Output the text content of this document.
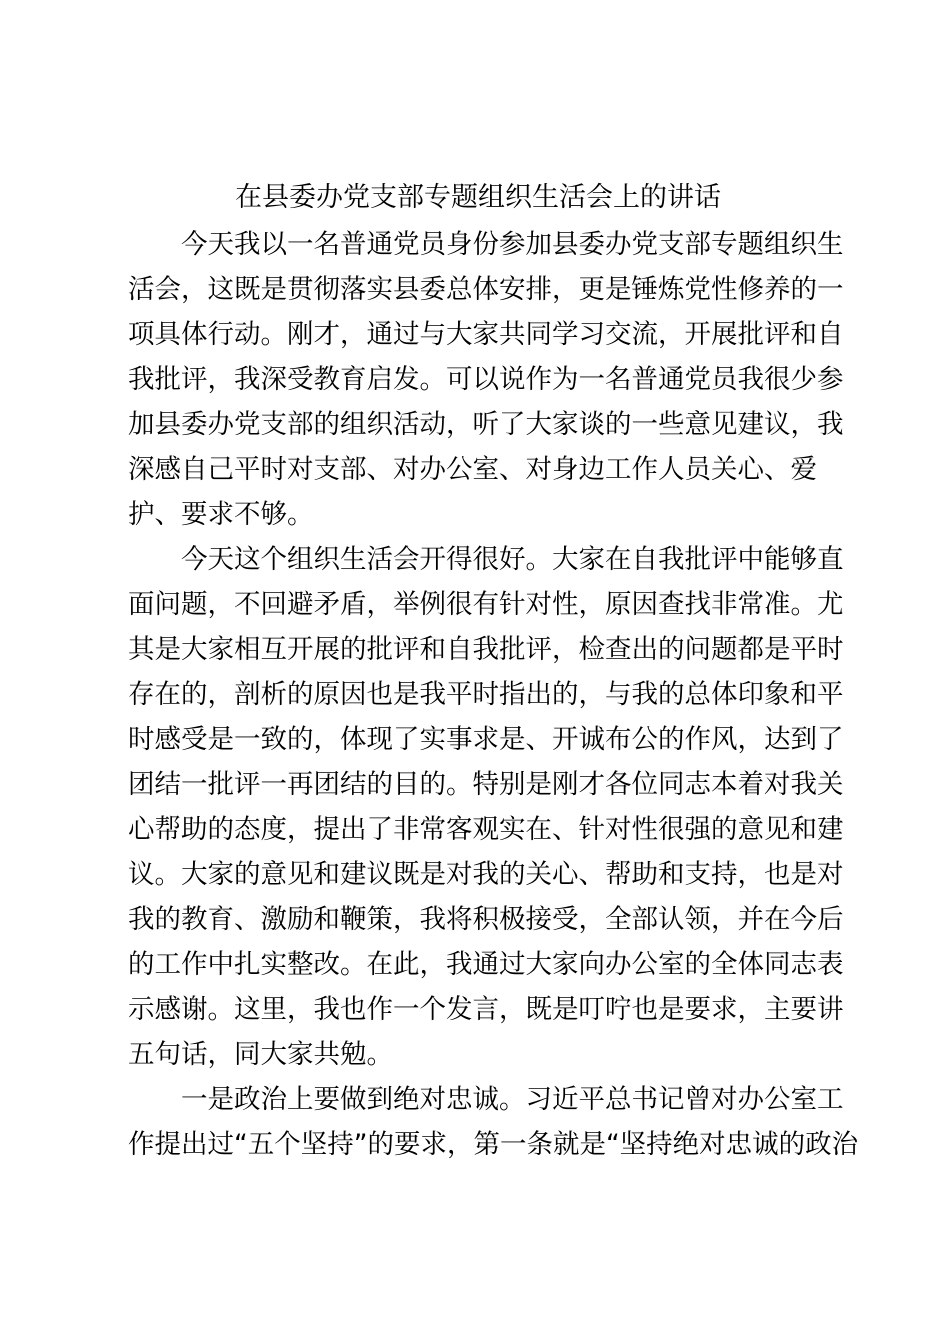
在县委办党支部专题组织生活会上的讲话

　　今天我以一名普通党员身份参加县委办党支部专题组织生

活会，这既是贯彻落实县委总体安排，更是锤炼党性修养的一

项具体行动。刚才，通过与大家共同学习交流，开展批评和自

我批评，我深受教育启发。可以说作为一名普通党员我很少参

加县委办党支部的组织活动，听了大家谈的一些意见建议，我

深感自己平时对支部、对办公室、对身边工作人员关心、爱

护、要求不够。

　　今天这个组织生活会开得很好。大家在自我批评中能够直

面问题，不回避矛盾，举例很有针对性，原因查找非常准。尤

其是大家相互开展的批评和自我批评，检查出的问题都是平时

存在的，剖析的原因也是我平时指出的，与我的总体印象和平

时感受是一致的，体现了实事求是、开诚布公的作风，达到了

团结一批评一再团结的目的。特别是刚才各位同志本着对我关

心帮助的态度，提出了非常客观实在、针对性很强的意见和建

议。大家的意见和建议既是对我的关心、帮助和支持，也是对

我的教育、激励和鞭策，我将积极接受，全部认领，并在今后

的工作中扎实整改。在此，我通过大家向办公室的全体同志表

示感谢。这里，我也作一个发言，既是叮咛也是要求，主要讲

五句话，同大家共勉。

　　一是政治上要做到绝对忠诚。习近平总书记曾对办公室工

作提出过“五个坚持”的要求，第一条就是“坚持绝对忠诚的政治
